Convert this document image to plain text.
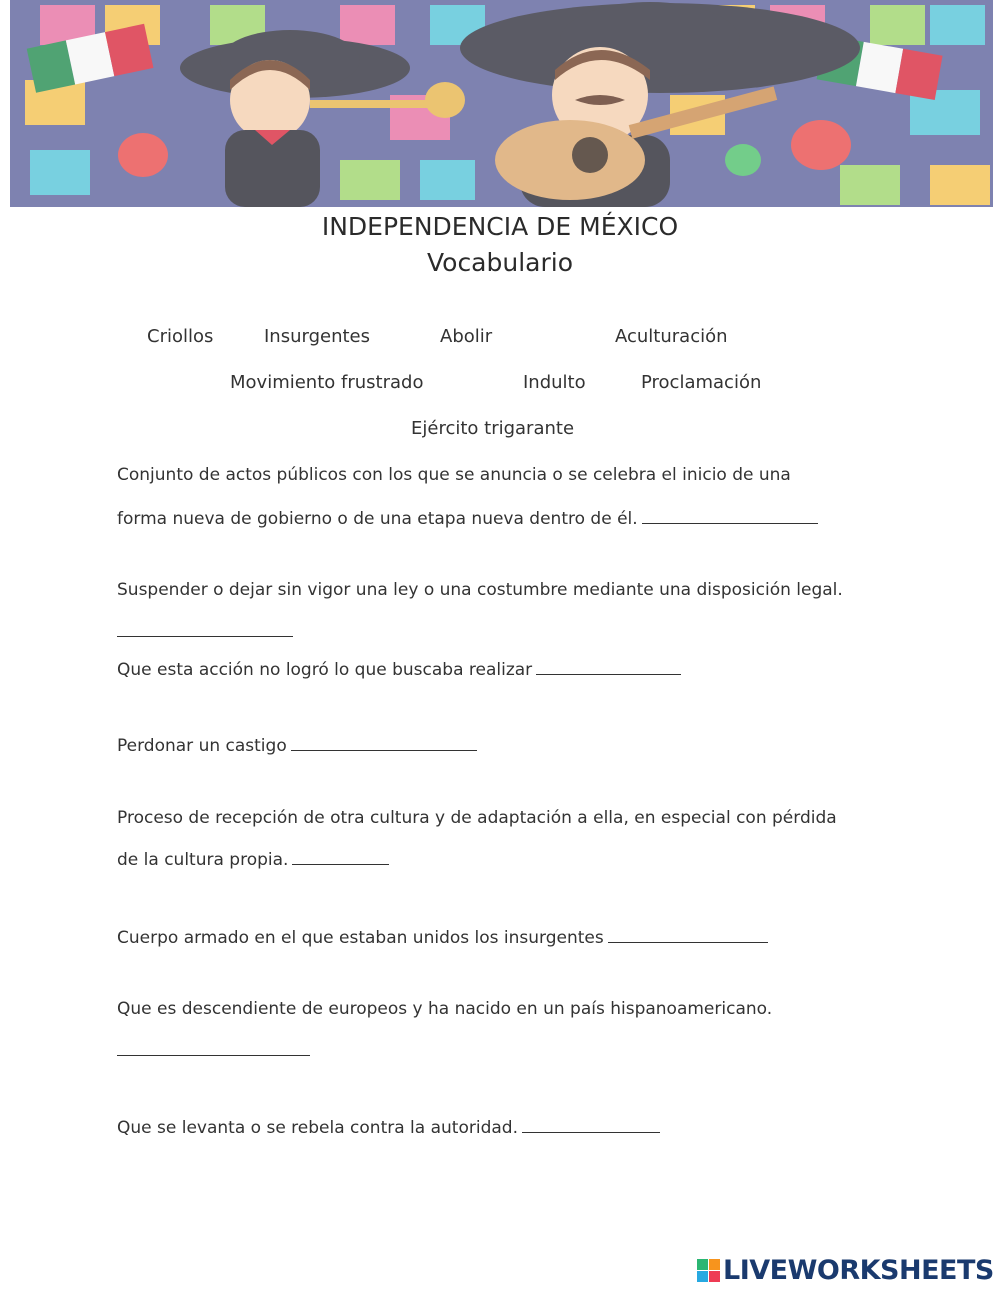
INDEPENDENCIA DE MÉXICO
Vocabulario
Criollos	Insurgentes	Abolir	Aculturación
Movimiento frustrado	Indulto	Proclamación
Ejército trigarante
Conjunto de actos públicos con los que se anuncia o se celebra el inicio de una
forma nueva de gobierno o de una etapa nueva dentro de él.
Suspender o dejar sin vigor una ley o una costumbre mediante una disposición legal.
Que esta acción no logró lo que buscaba realizar
Perdonar un castigo
Proceso de recepción de otra cultura y de adaptación a ella, en especial con pérdida
de la cultura propia.
Cuerpo armado en el que estaban unidos los insurgentes
Que es descendiente de europeos y ha nacido en un país hispanoamericano.
Que se levanta o se rebela contra la autoridad.
LIVEWORKSHEETS
